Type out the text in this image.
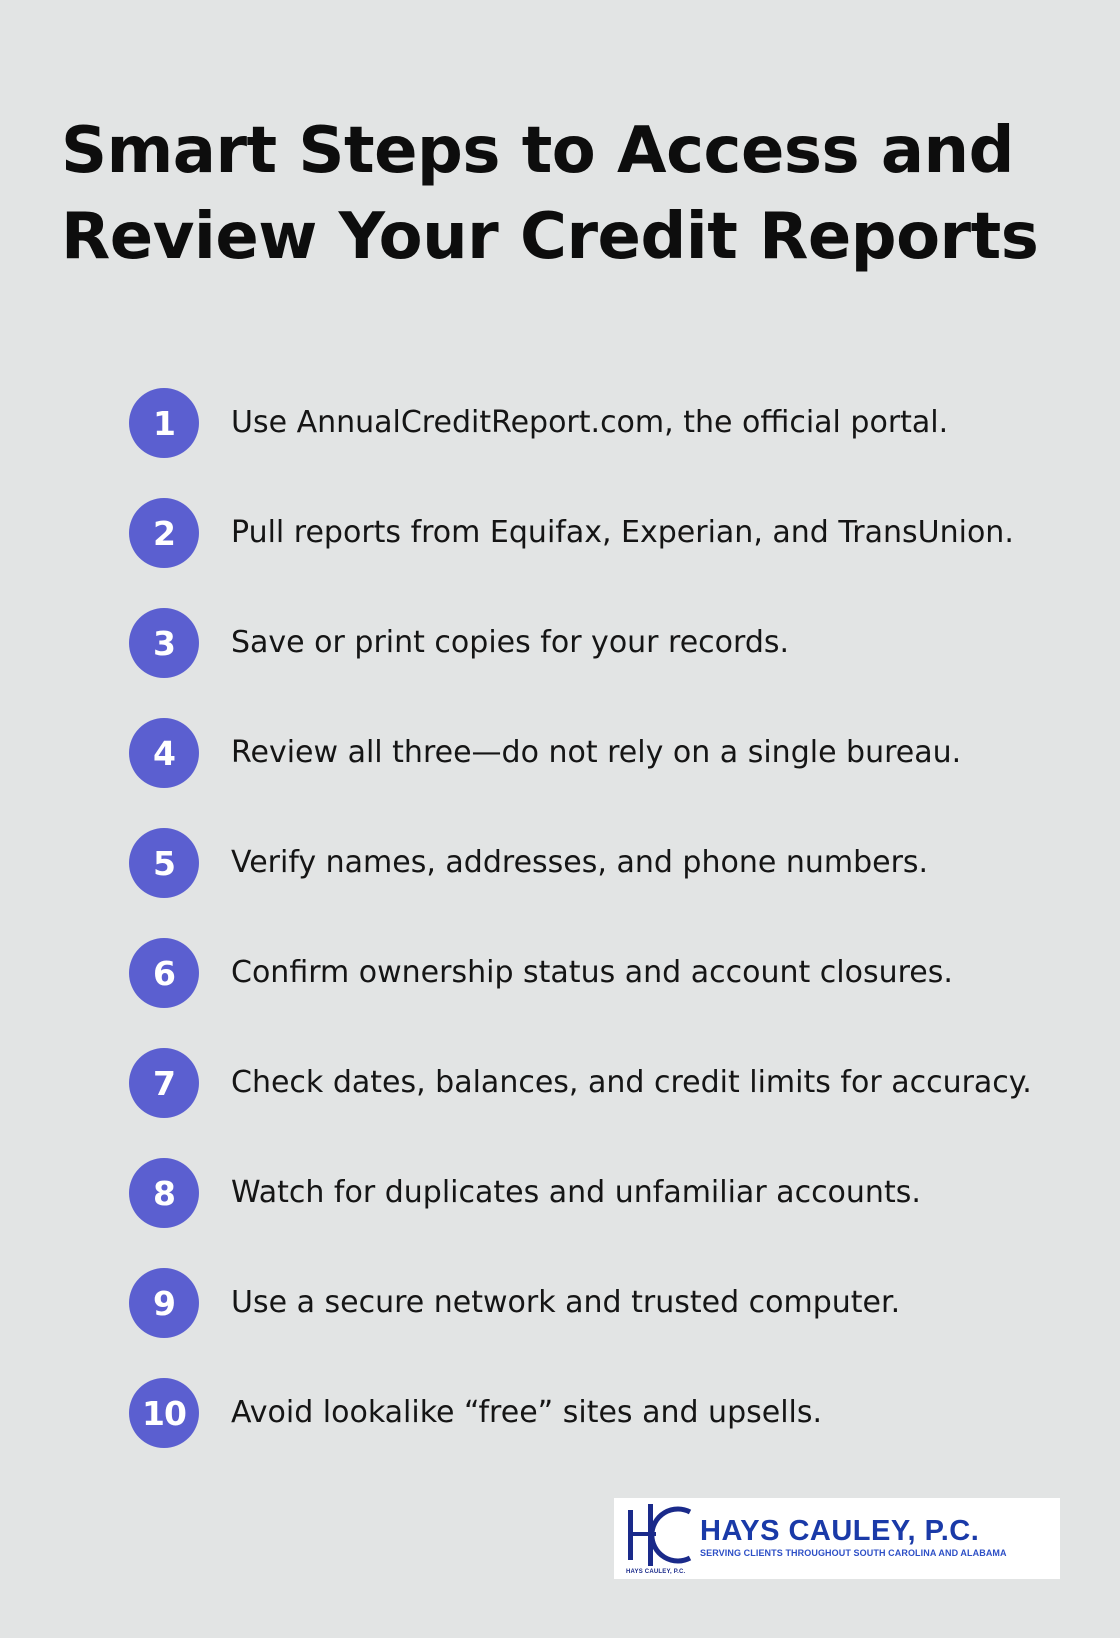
Smart Steps to Access and Review Your Credit Reports
1	Use AnnualCreditReport.com, the official portal.
2	Pull reports from Equifax, Experian, and TransUnion.
3	Save or print copies for your records.
4	Review all three—do not rely on a single bureau.
5	Verify names, addresses, and phone numbers.
6	Confirm ownership status and account closures.
7	Check dates, balances, and credit limits for accuracy.
8	Watch for duplicates and unfamiliar accounts.
9	Use a secure network and trusted computer.
10	Avoid lookalike “free” sites and upsells.
HAYS CAULEY, P.C.
HAYS CAULEY, P.C.
SERVING CLIENTS THROUGHOUT SOUTH CAROLINA AND ALABAMA
